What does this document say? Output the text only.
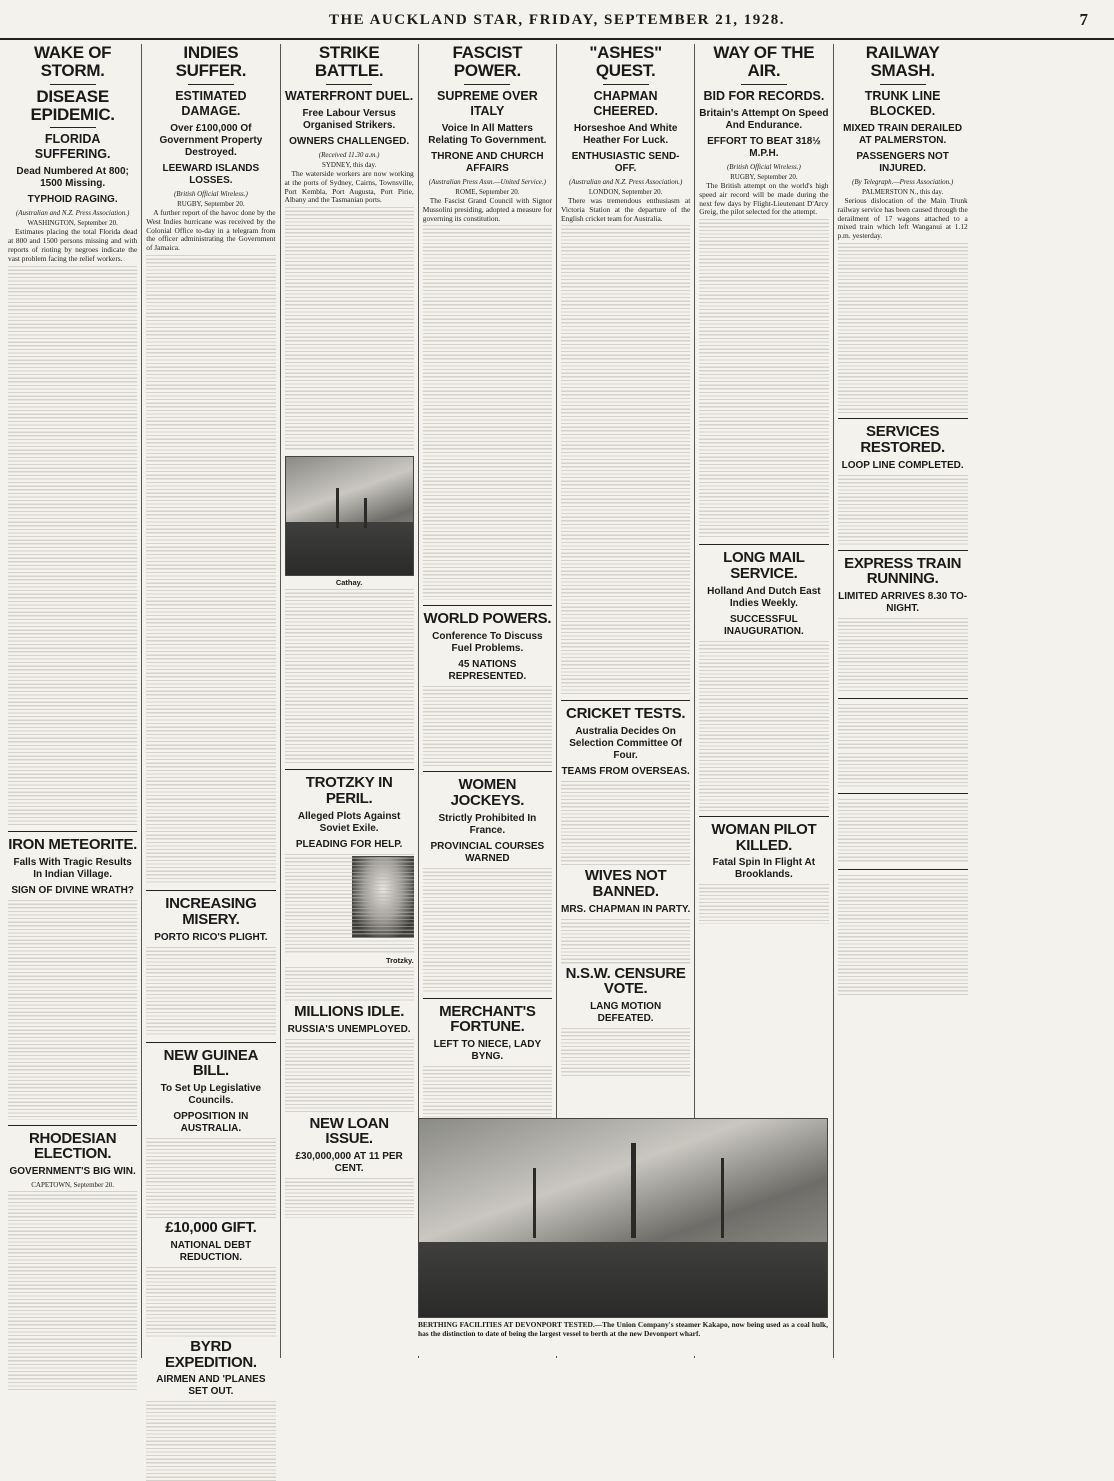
THE AUCKLAND STAR, FRIDAY, SEPTEMBER 21, 1928.	7
WAKE OF STORM.
DISEASE EPIDEMIC.
FLORIDA SUFFERING.
Dead Numbered At 800; 1500 Missing.
TYPHOID RAGING.
(Australian and N.Z. Press Association.)
WASHINGTON, September 20.
Estimates placing the total Florida dead at 800 and 1500 persons missing and with reports of rioting by negroes indicate the vast problem facing the relief workers.
IRON METEORITE.
Falls With Tragic Results In Indian Village.
SIGN OF DIVINE WRATH?
RHODESIAN ELECTION.
GOVERNMENT'S BIG WIN.
CAPETOWN, September 20.
INDIES SUFFER.
ESTIMATED DAMAGE.
Over £100,000 Of Government Property Destroyed.
LEEWARD ISLANDS LOSSES.
(British Official Wireless.)
RUGBY, September 20.
A further report of the havoc done by the West Indies hurricane was received by the Colonial Office to-day in a telegram from the officer administrating the Government of Jamaica.
INCREASING MISERY.
PORTO RICO'S PLIGHT.
NEW GUINEA BILL.
To Set Up Legislative Councils.
OPPOSITION IN AUSTRALIA.
£10,000 GIFT.
NATIONAL DEBT REDUCTION.
BYRD EXPEDITION.
AIRMEN AND 'PLANES SET OUT.
STRIKE BATTLE.
WATERFRONT DUEL.
Free Labour Versus Organised Strikers.
OWNERS CHALLENGED.
(Received 11.30 a.m.)
SYDNEY, this day.
The waterside workers are now working at the ports of Sydney, Cairns, Townsville, Port Kembla, Port Augusta, Port Pirie, Albany and the Tasmanian ports.
Cathay.
TROTZKY IN PERIL.
Alleged Plots Against Soviet Exile.
PLEADING FOR HELP.
Trotzky.
MILLIONS IDLE.
RUSSIA'S UNEMPLOYED.
NEW LOAN ISSUE.
£30,000,000 AT 11 PER CENT.
FASCIST POWER.
SUPREME OVER ITALY
Voice In All Matters Relating To Government.
THRONE AND CHURCH AFFAIRS
(Australian Press Assn.—United Service.)
ROME, September 20.
The Fascist Grand Council with Signor Mussolini presiding, adopted a measure for governing its constitution.
WORLD POWERS.
Conference To Discuss Fuel Problems.
45 NATIONS REPRESENTED.
WOMEN JOCKEYS.
Strictly Prohibited In France.
PROVINCIAL COURSES WARNED
MERCHANT'S FORTUNE.
LEFT TO NIECE, LADY BYNG.
"ASHES" QUEST.
CHAPMAN CHEERED.
Horseshoe And White Heather For Luck.
ENTHUSIASTIC SEND-OFF.
(Australian and N.Z. Press Association.)
LONDON, September 20.
There was tremendous enthusiasm at Victoria Station at the departure of the English cricket team for Australia.
CRICKET TESTS.
Australia Decides On Selection Committee Of Four.
TEAMS FROM OVERSEAS.
WIVES NOT BANNED.
MRS. CHAPMAN IN PARTY.
N.S.W. CENSURE VOTE.
LANG MOTION DEFEATED.
WAY OF THE AIR.
BID FOR RECORDS.
Britain's Attempt On Speed And Endurance.
EFFORT TO BEAT 318½ M.P.H.
(British Official Wireless.)
RUGBY, September 20.
The British attempt on the world's high speed air record will be made during the next few days by Flight-Lieutenant D'Arcy Greig, the pilot selected for the attempt.
LONG MAIL SERVICE.
Holland And Dutch East Indies Weekly.
SUCCESSFUL INAUGURATION.
WOMAN PILOT KILLED.
Fatal Spin In Flight At Brooklands.
RAILWAY SMASH.
TRUNK LINE BLOCKED.
MIXED TRAIN DERAILED AT PALMERSTON.
PASSENGERS NOT INJURED.
(By Telegraph.—Press Association.)
PALMERSTON N., this day.
Serious dislocation of the Main Trunk railway service has been caused through the derailment of 17 wagons attached to a mixed train which left Wanganui at 1.12 p.m. yesterday.
SERVICES RESTORED.
LOOP LINE COMPLETED.
EXPRESS TRAIN RUNNING.
LIMITED ARRIVES 8.30 TO-NIGHT.
BERTHING FACILITIES AT DEVONPORT TESTED.—The Union Company's steamer Kakapo, now being used as a coal hulk, has the distinction to date of being the largest vessel to berth at the new Devonport wharf.
